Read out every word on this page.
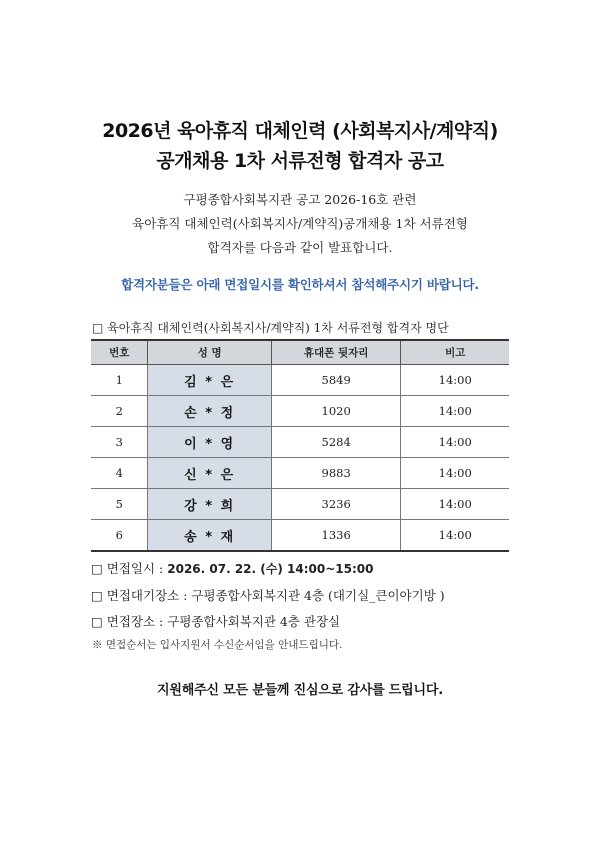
2026년 육아휴직 대체인력 (사회복지사/계약직)
공개채용 1차 서류전형 합격자 공고
구평종합사회복지관 공고 2026-16호 관련
육아휴직 대체인력(사회복지사/계약직)공개채용 1차 서류전형
합격자를 다음과 같이 발표합니다.
합격자분들은 아래 면접일시를 확인하셔서 참석해주시기 바랍니다.
□ 육아휴직 대체인력(사회복지사/계약직) 1차 서류전형 합격자 명단
번호	성 명	휴대폰 뒷자리	비고
1	김 * 은	5849	14:00
2	손 * 정	1020	14:00
3	이 * 영	5284	14:00
4	신 * 은	9883	14:00
5	강 * 희	3236	14:00
6	송 * 재	1336	14:00
□ 면접일시 : 2026. 07. 22. (수) 14:00~15:00
□ 면접대기장소 : 구평종합사회복지관 4층 (대기실_큰이야기방 )
□ 면접장소 : 구평종합사회복지관 4층 관장실
※ 면접순서는 입사지원서 수신순서임을 안내드립니다.
지원해주신 모든 분들께 진심으로 감사를 드립니다.
